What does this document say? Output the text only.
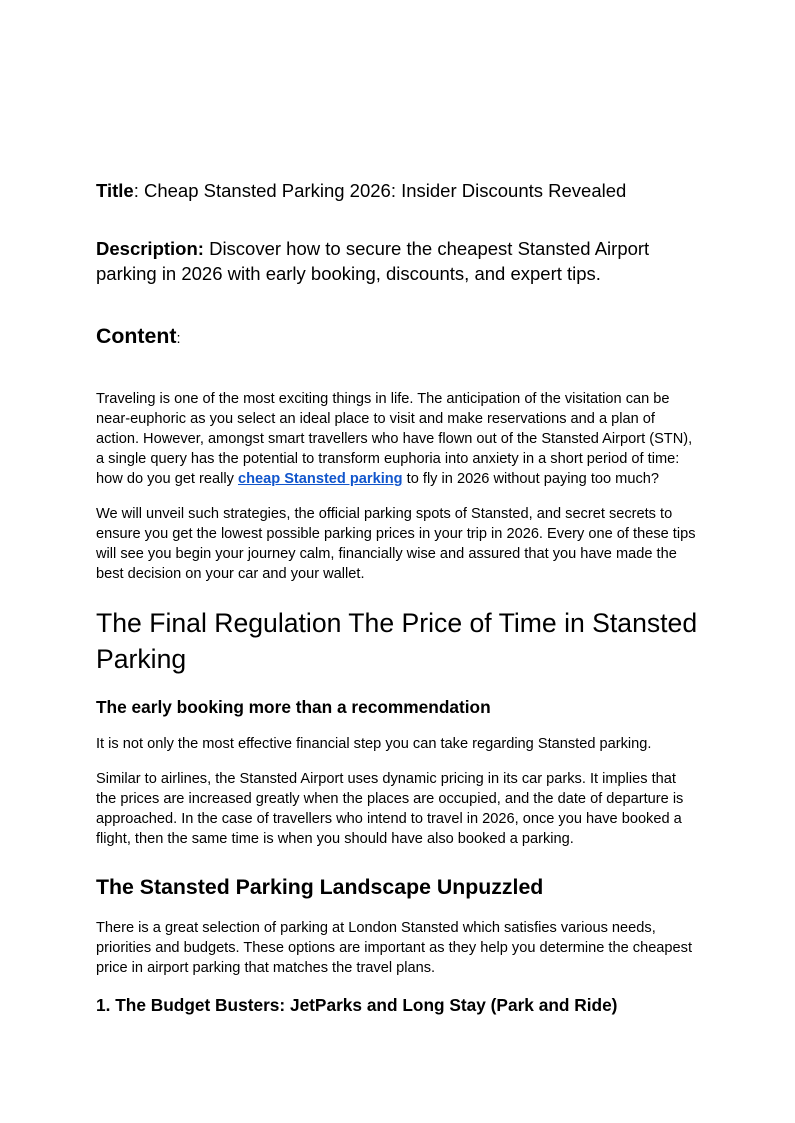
Title: Cheap Stansted Parking 2026: Insider Discounts Revealed

Description: Discover how to secure the cheapest Stansted Airport parking in 2026 with early booking, discounts, and expert tips.

Content:

Traveling is one of the most exciting things in life. The anticipation of the visitation can be near-euphoric as you select an ideal place to visit and make reservations and a plan of action. However, amongst smart travellers who have flown out of the Stansted Airport (STN), a single query has the potential to transform euphoria into anxiety in a short period of time: how do you get really cheap Stansted parking to fly in 2026 without paying too much?

We will unveil such strategies, the official parking spots of Stansted, and secret secrets to ensure you get the lowest possible parking prices in your trip in 2026. Every one of these tips will see you begin your journey calm, financially wise and assured that you have made the best decision on your car and your wallet.

The Final Regulation The Price of Time in Stansted Parking
The early booking more than a recommendation

It is not only the most effective financial step you can take regarding Stansted parking.

Similar to airlines, the Stansted Airport uses dynamic pricing in its car parks. It implies that the prices are increased greatly when the places are occupied, and the date of departure is approached. In the case of travellers who intend to travel in 2026, once you have booked a flight, then the same time is when you should have also booked a parking.

The Stansted Parking Landscape Unpuzzled

There is a great selection of parking at London Stansted which satisfies various needs, priorities and budgets. These options are important as they help you determine the cheapest price in airport parking that matches the travel plans.

1. The Budget Busters: JetParks and Long Stay (Park and Ride)
